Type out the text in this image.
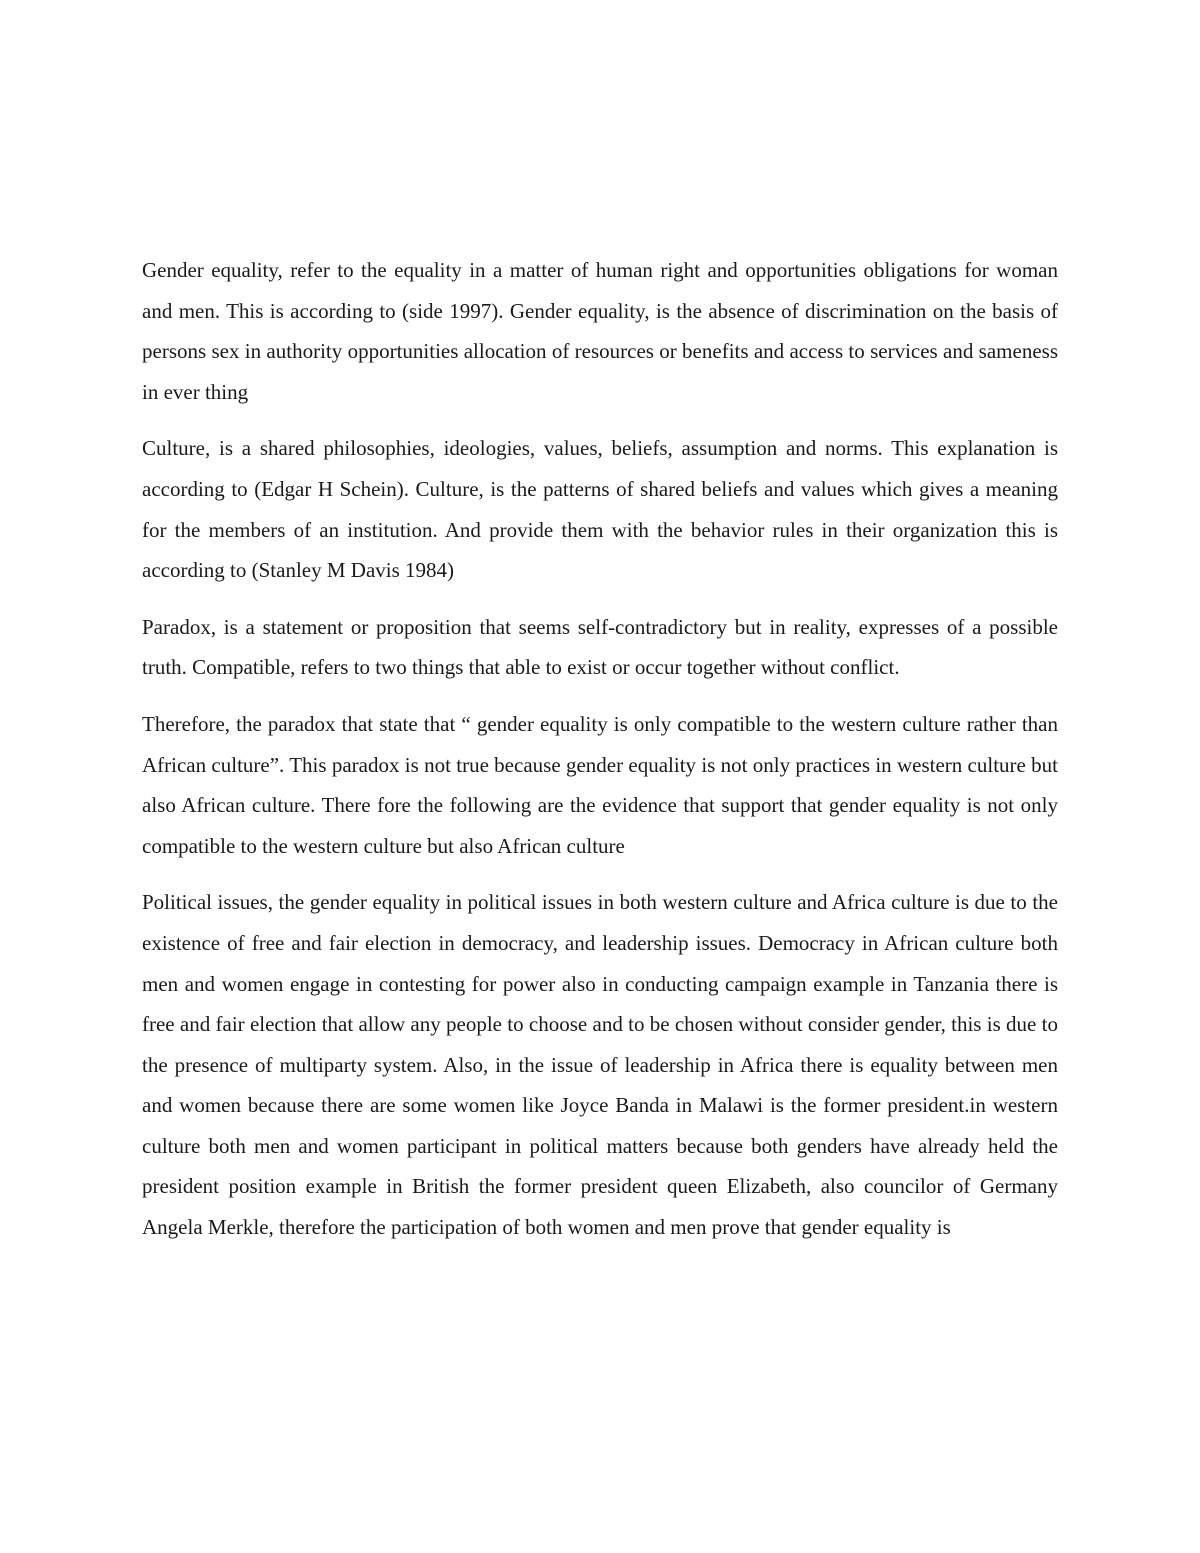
Gender equality, refer to the equality in a matter of human right and opportunities obligations for woman and men. This is according to (side 1997). Gender equality, is the absence of discrimination on the basis of persons sex in authority opportunities allocation of resources or benefits and access to services and sameness in ever thing

Culture, is a shared philosophies, ideologies, values, beliefs, assumption and norms. This explanation is according to (Edgar H Schein). Culture, is the patterns of shared beliefs and values which gives a meaning for the members of an institution. And provide them with the behavior rules in their organization this is according to (Stanley M Davis 1984)

Paradox, is a statement or proposition that seems self-contradictory but in reality, expresses of a possible truth. Compatible, refers to two things that able to exist or occur together without conflict.

Therefore, the paradox that state that “ gender equality is only compatible to the western culture rather than African culture”. This paradox is not true because gender equality is not only practices in western culture but also African culture. There fore the following are the evidence that support that gender equality is not only compatible to the western culture but also African culture

Political issues, the gender equality in political issues in both western culture and Africa culture is due to the existence of free and fair election in democracy, and leadership issues. Democracy in African culture both men and women engage in contesting for power also in conducting campaign example in Tanzania there is free and fair election that allow any people to choose and to be chosen without consider gender, this is due to the presence of multiparty system. Also, in the issue of leadership in Africa there is equality between men and women because there are some women like Joyce Banda in Malawi is the former president.in western culture both men and women participant in political matters because both genders have already held the president position example in British the former president queen Elizabeth, also councilor of Germany Angela Merkle, therefore the participation of both women and men prove that gender equality is
